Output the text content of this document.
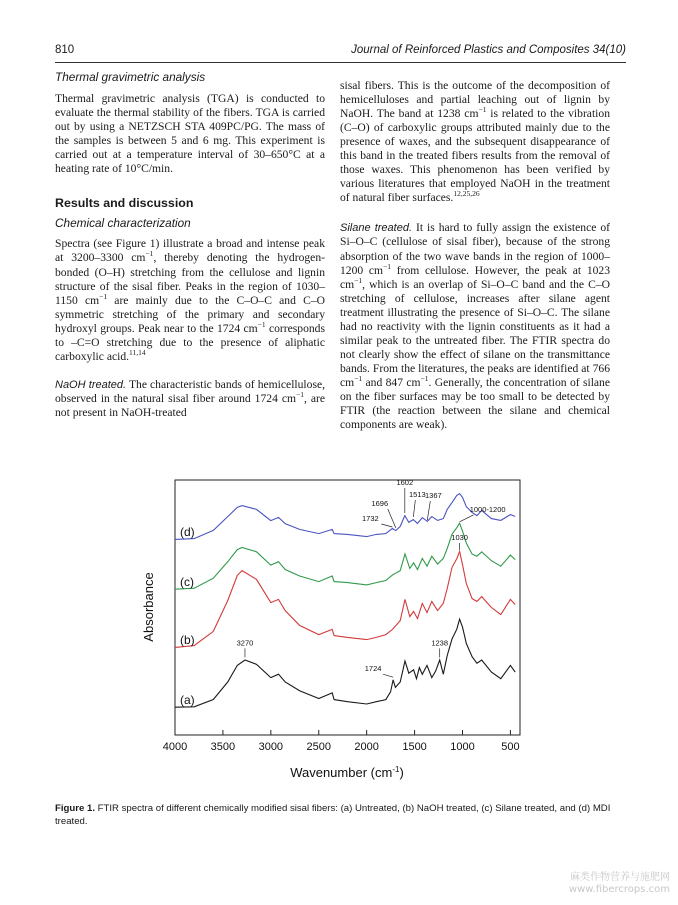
810	Journal of Reinforced Plastics and Composites 34(10)
Thermal gravimetric analysis

Thermal gravimetric analysis (TGA) is conducted to evaluate the thermal stability of the fibers. TGA is carried out by using a NETZSCH STA 409PC/PG. The mass of the samples is between 5 and 6 mg. This experiment is carried out at a temperature interval of 30–650°C at a heating rate of 10°C/min.

Results and discussion
Chemical characterization

Spectra (see Figure 1) illustrate a broad and intense peak at 3200–3300 $cm^{-1}$, thereby denoting the hydrogen-bonded (O–H) stretching from the cellulose and lignin structure of the sisal fiber. Peaks in the region of 1030–1150 $cm^{-1}$ are mainly due to the C–O–C and C–O symmetric stretching of the primary and secondary hydroxyl groups. Peak near to the 1724 $cm^{-1}$ corresponds to –C=O stretching due to the presence of aliphatic carboxylic acid.$^{11,14}$

NaOH treated. The characteristic bands of hemicellulose, observed in the natural sisal fiber around 1724 $cm^{-1}$, are not present in NaOH-treated

sisal fibers. This is the outcome of the decomposition of hemicelluloses and partial leaching out of lignin by NaOH. The band at 1238 $cm^{-1}$ is related to the vibration (C–O) of carboxylic groups attributed mainly due to the presence of waxes, and the subsequent disappearance of this band in the treated fibers results from the removal of those waxes. This phenomenon has been verified by various literatures that employed NaOH in the treatment of natural fiber surfaces.$^{12,25,26}$

Silane treated. It is hard to fully assign the existence of Si–O–C (cellulose of sisal fiber), because of the strong absorption of the two wave bands in the region of 1000–1200 $cm^{-1}$ from cellulose. However, the peak at 1023 $cm^{-1}$, which is an overlap of Si–O–C band and the C–O stretching of cellulose, increases after silane agent treatment illustrating the presence of Si–O–C. The silane had no reactivity with the lignin constituents as it had a similar peak to the untreated fiber. The FTIR spectra do not clearly show the effect of silane on the transmittance bands. From the literatures, the peaks are identified at 766 $cm^{-1}$ and 847 $cm^{-1}$. Generally, the concentration of silane on the fiber surfaces may be too small to be detected by FTIR (the reaction between the silane and chemical components are weak).

4000 3500 3000 2500 2000 1500 1000 500
(a)
(b)
(c)
(d)
3270
1724
1238
1030
1000-1200
1732
1696
1602
1513 1367
Absorbance
Wavenumber $(cm^{-1})$
Figure 1. FTIR spectra of different chemically modified sisal fibers: (a) Untreated, (b) NaOH treated, (c) Silane treated, and (d) MDI treated.
麻类作物营养与施肥网
www.fibercrops.com
